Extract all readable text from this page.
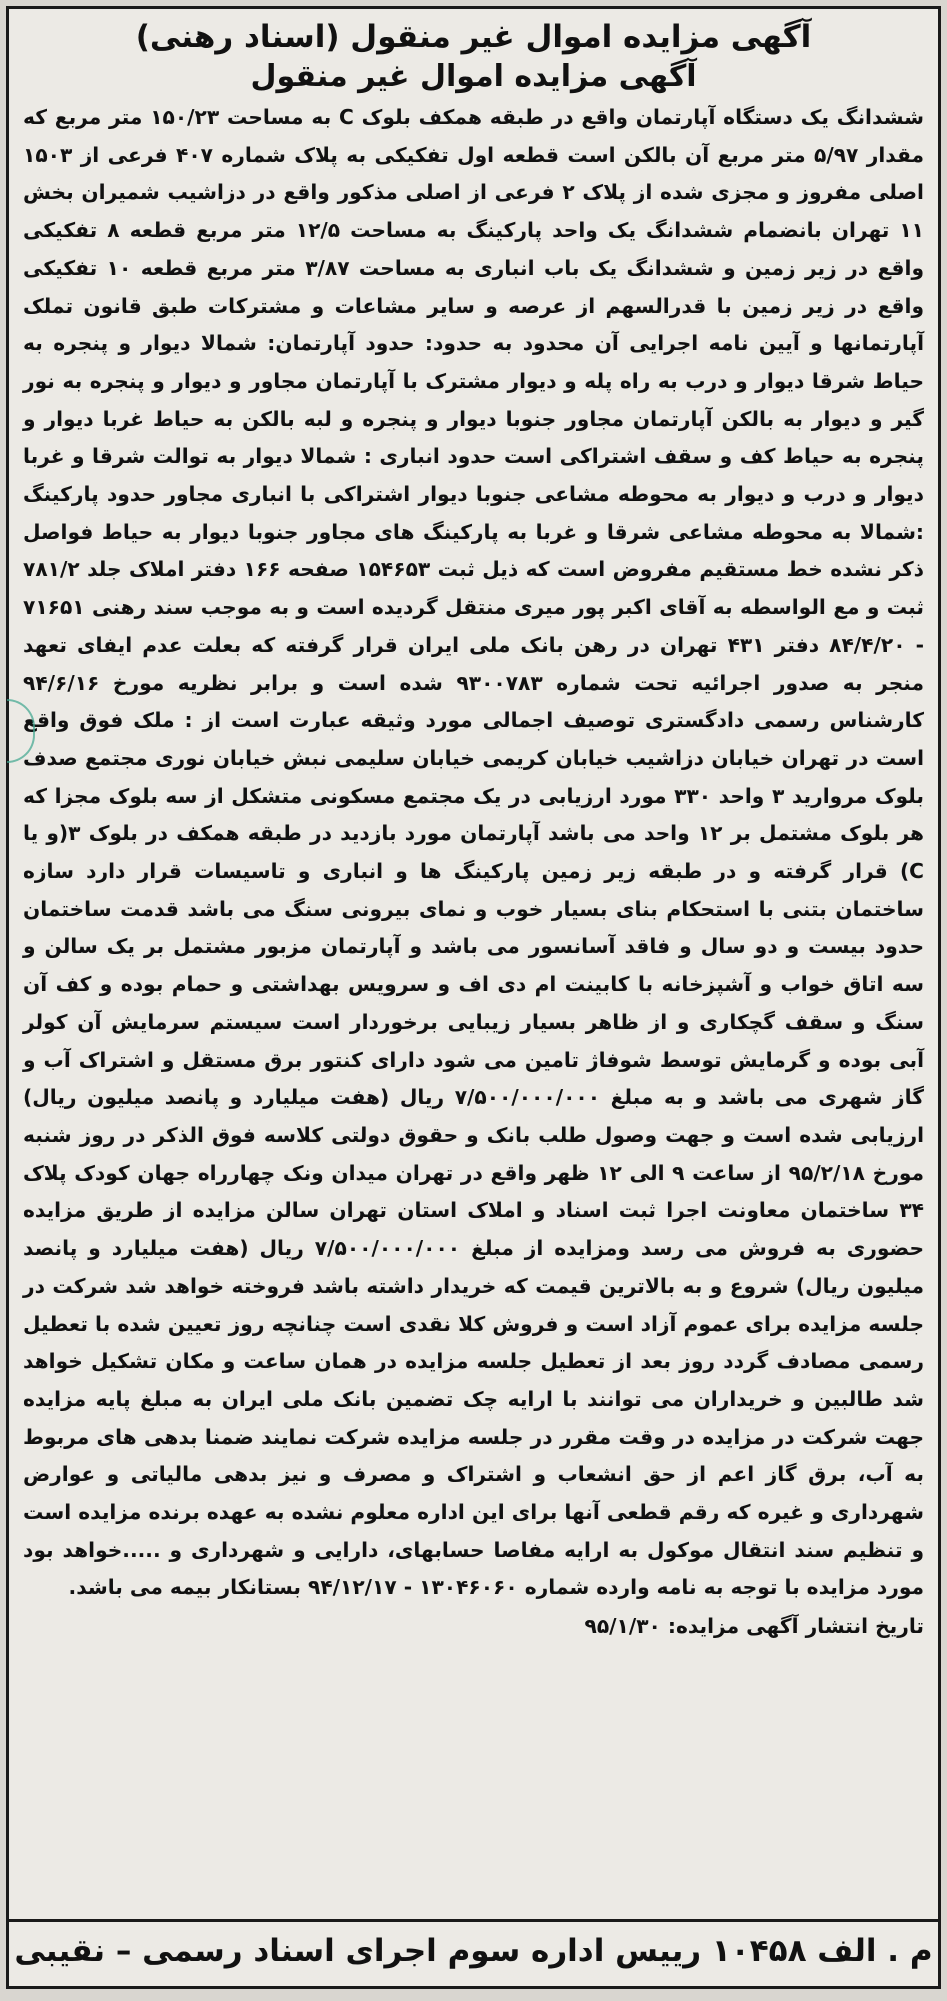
آگهی مزایده اموال غیر منقول (اسناد رهنی)
آگهی مزایده اموال غیر منقول

ششدانگ یک دستگاه آپارتمان واقع در طبقه همکف بلوک C به مساحت ۱۵۰/۲۳ متر مربع که مقدار ۵/۹۷ متر مربع آن بالکن است قطعه اول تفکیکی به پلاک شماره ۴۰۷ فرعی از ۱۵۰۳ اصلی مفروز و مجزی شده از پلاک ۲ فرعی از اصلی مذکور واقع در دزاشیب شمیران بخش ۱۱ تهران بانضمام ششدانگ یک واحد پارکینگ به مساحت ۱۲/۵ متر مربع قطعه ۸ تفکیکی واقع در زیر زمین و ششدانگ یک باب انباری به مساحت ۳/۸۷ متر مربع قطعه ۱۰ تفکیکی واقع در زیر زمین با قدرالسهم از عرصه و سایر مشاعات و مشترکات طبق قانون تملک آپارتمانها و آیین نامه اجرایی آن محدود به حدود: حدود آپارتمان: شمالا دیوار و پنجره به حیاط شرقا دیوار و درب به راه پله و دیوار مشترک با آپارتمان مجاور و دیوار و پنجره به نور گیر و دیوار به بالکن آپارتمان مجاور جنوبا دیوار و پنجره و لبه بالکن به حیاط غربا دیوار و پنجره به حیاط کف و سقف اشتراکی است حدود انباری : شمالا دیوار به توالت شرقا و غربا دیوار و درب و دیوار به محوطه مشاعی جنوبا دیوار اشتراکی با انباری مجاور حدود پارکینگ :شمالا به محوطه مشاعی شرقا و غربا به پارکینگ های مجاور جنوبا دیوار به حیاط فواصل ذکر نشده خط مستقیم مفروض است که ذیل ثبت ۱۵۴۶۵۳ صفحه ۱۶۶ دفتر املاک جلد ۷۸۱/۲ ثبت و مع الواسطه به آقای اکبر پور میری منتقل گردیده است و به موجب سند رهنی ۷۱۶۵۱ - ۸۴/۴/۲۰ دفتر ۴۳۱ تهران در رهن بانک ملی ایران قرار گرفته که بعلت عدم ایفای تعهد منجر به صدور اجرائیه تحت شماره ۹۳۰۰۷۸۳ شده است و برابر نظریه مورخ ۹۴/۶/۱۶ کارشناس رسمی دادگستری توصیف اجمالی مورد وثیقه عبارت است از : ملک فوق واقع است در تهران خیابان دزاشیب خیابان کریمی خیابان سلیمی نبش خیابان نوری مجتمع صدف بلوک مروارید ۳ واحد ۳۳۰ مورد ارزیابی در یک مجتمع مسکونی متشکل از سه بلوک مجزا که هر بلوک مشتمل بر ۱۲ واحد می باشد آپارتمان مورد بازدید در طبقه همکف در بلوک ۳(و یا C) قرار گرفته و در طبقه زیر زمین پارکینگ ها و انباری و تاسیسات قرار دارد سازه ساختمان بتنی با استحکام بنای بسیار خوب و نمای بیرونی سنگ می باشد قدمت ساختمان حدود بیست و دو سال و فاقد آسانسور می باشد و آپارتمان مزبور مشتمل بر یک سالن و سه اتاق خواب و آشپزخانه با کابینت ام دی اف و سرویس بهداشتی و حمام بوده و کف آن سنگ و سقف گچکاری و از ظاهر بسیار زیبایی برخوردار است سیستم سرمایش آن کولر آبی بوده و گرمایش توسط شوفاژ تامین می شود دارای کنتور برق مستقل و اشتراک آب و گاز شهری می باشد و به مبلغ ۷/۵۰۰/۰۰۰/۰۰۰ ریال (هفت میلیارد و پانصد میلیون ریال) ارزیابی شده است و جهت وصول طلب بانک و حقوق دولتی کلاسه فوق الذکر در روز شنبه مورخ ۹۵/۲/۱۸ از ساعت ۹ الی ۱۲ ظهر واقع در تهران میدان ونک چهارراه جهان کودک پلاک ۳۴ ساختمان معاونت اجرا ثبت اسناد و املاک استان تهران سالن مزایده از طریق مزایده حضوری به فروش می رسد ومزایده از مبلغ ۷/۵۰۰/۰۰۰/۰۰۰ ریال (هفت میلیارد و پانصد میلیون ریال) شروع و به بالاترین قیمت که خریدار داشته باشد فروخته خواهد شد شرکت در جلسه مزایده برای عموم آزاد است و فروش کلا نقدی است چنانچه روز تعیین شده با تعطیل رسمی مصادف گردد روز بعد از تعطیل جلسه مزایده در همان ساعت و مکان تشکیل خواهد شد طالبین و خریداران می توانند با ارایه چک تضمین بانک ملی ایران به مبلغ پایه مزایده جهت شرکت در مزایده در وقت مقرر در جلسه مزایده شرکت نمایند ضمنا بدهی های مربوط به آب، برق گاز اعم از حق انشعاب و اشتراک و مصرف و نیز بدهی مالیاتی و عوارض شهرداری و غیره که رقم قطعی آنها برای این اداره معلوم نشده به عهده برنده مزایده است و تنظیم سند انتقال موکول به ارایه مفاصا حسابهای، دارایی و شهرداری و .....خواهد بود مورد مزایده با توجه به نامه وارده شماره ۱۳۰۴۶۰۶۰ - ۹۴/۱۲/۱۷ بستانکار بیمه می باشد.

تاریخ انتشار آگهی مزایده: ۹۵/۱/۳۰

م . الف ۱۰۴۵۸ رییس اداره سوم اجرای اسناد رسمی – نقیبی
